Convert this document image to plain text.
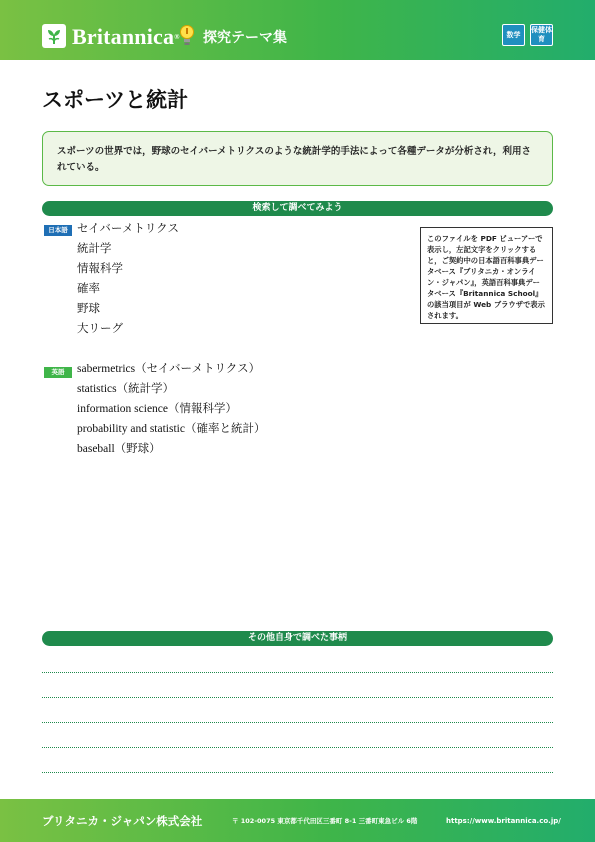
Britannica® 探究テーマ集	数学
保健体育
スポーツと統計
スポーツの世界では，野球のセイバーメトリクスのような統計学的手法によって各種データが分析され，利用されている。
検索して調べてみよう
日本語 セイバーメトリクス
統計学
情報科学
確率
野球
大リーグ
英語	sabermetrics（セイバーメトリクス）
statistics（統計学）
information science（情報科学）
probability and statistic（確率と統計）
baseball（野球）
このファイルを PDF ビューアーで表示し，左記文字をクリックすると，ご契約中の日本語百科事典データベース『ブリタニカ・オンライン・ジャパン』，英語百科事典データベース『Britannica School』の該当項目が Web ブラウザで表示されます。
その他自身で調べた事柄
ブリタニカ・ジャパン株式会社	〒 102-0075 東京都千代田区三番町 8-1 三番町東急ビル 6階	https://www.britannica.co.jp/
